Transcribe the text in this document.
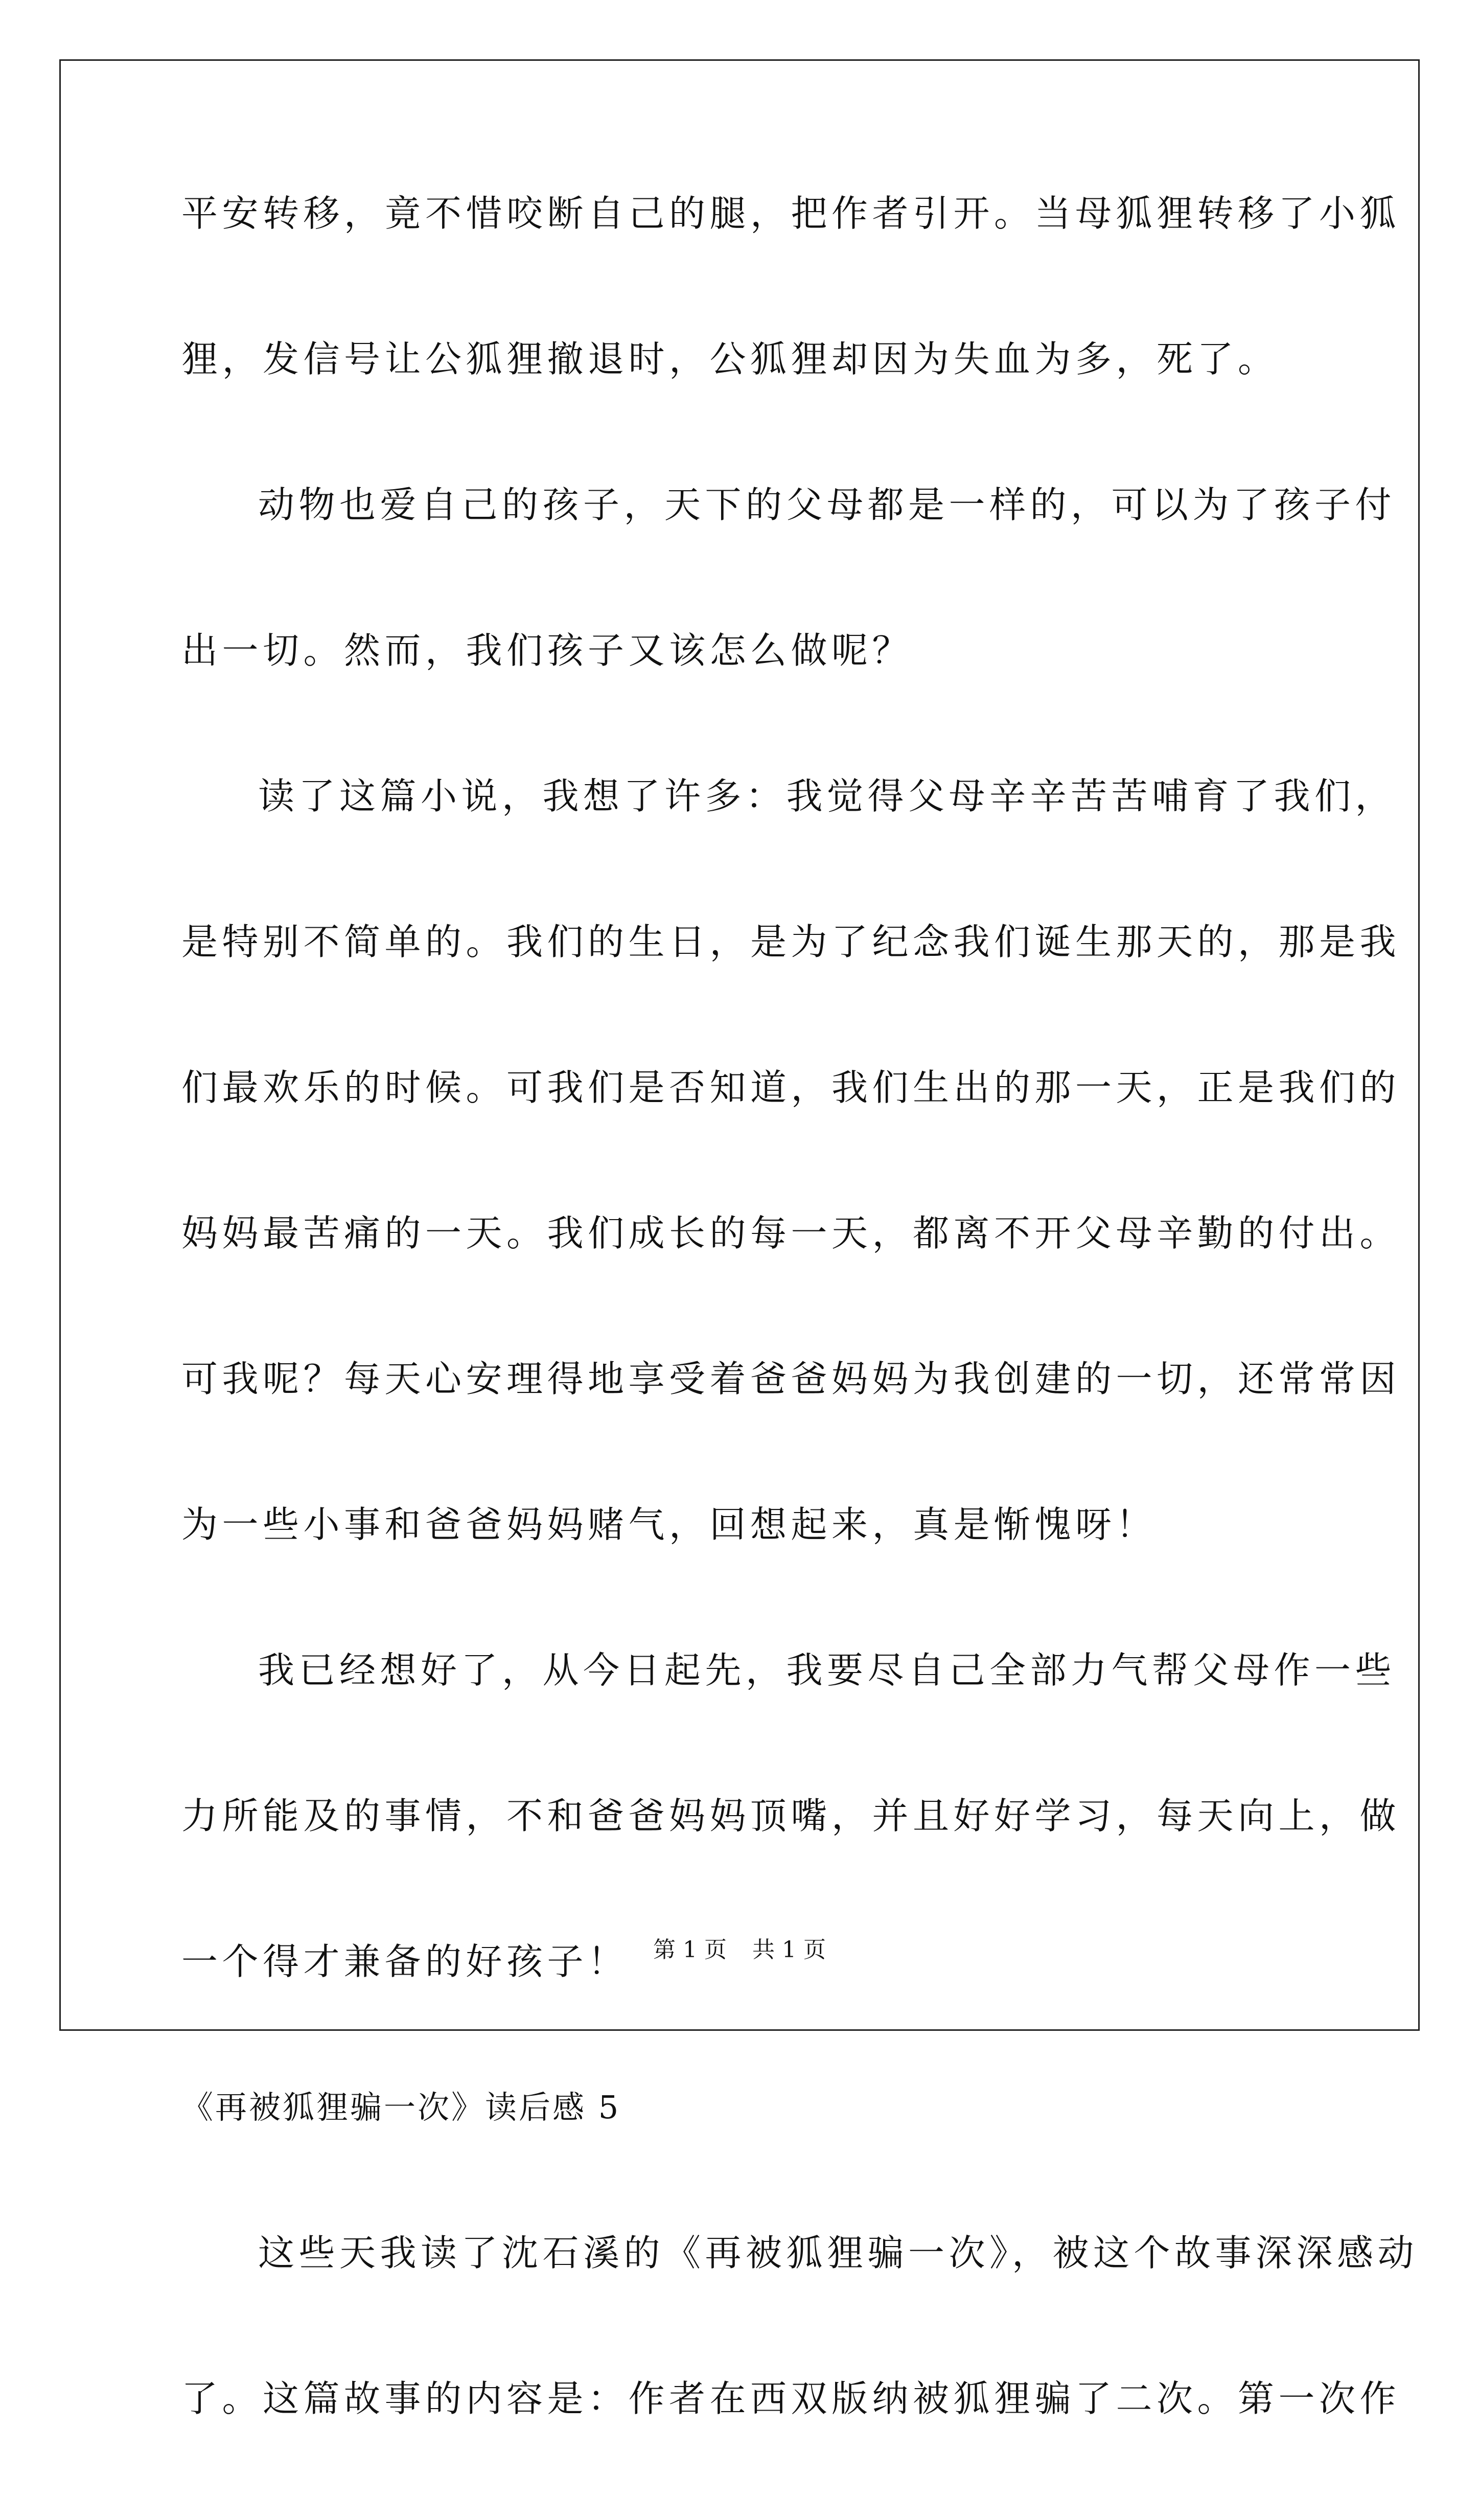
平安转移，竟不惜咬断自己的腿，把作者引开。当母狐狸转移了小狐
狸，发信号让公狐狸撤退时，公狐狸却因为失血为多，死了。
动物也爱自己的孩子，天下的父母都是一样的，可以为了孩子付
出一切。然而，我们孩子又该怎么做呢？
读了这篇小说，我想了许多：我觉得父母辛辛苦苦哺育了我们，
是特别不简单的。我们的生日，是为了纪念我们诞生那天的，那是我
们最欢乐的时候。可我们是否知道，我们生出的那一天，正是我们的
妈妈最苦痛的一天。我们成长的每一天，都离不开父母辛勤的付出。
可我呢？每天心安理得地享受着爸爸妈妈为我创建的一切，还常常因
为一些小事和爸爸妈妈赌气，回想起来，真是惭愧呀！
我已经想好了，从今日起先，我要尽自己全部力气帮父母作一些
力所能及的事情，不和爸爸妈妈顶嘴，并且好好学习，每天向上，做
一个得才兼备的好孩子！
《再被狐狸骗一次》读后感 5
这些天我读了沈石溪的《再被狐狸骗一次》，被这个故事深深感动
了。这篇故事的内容是：作者在西双版纳被狐狸骗了二次。第一次作
第 1 页 共 1 页
